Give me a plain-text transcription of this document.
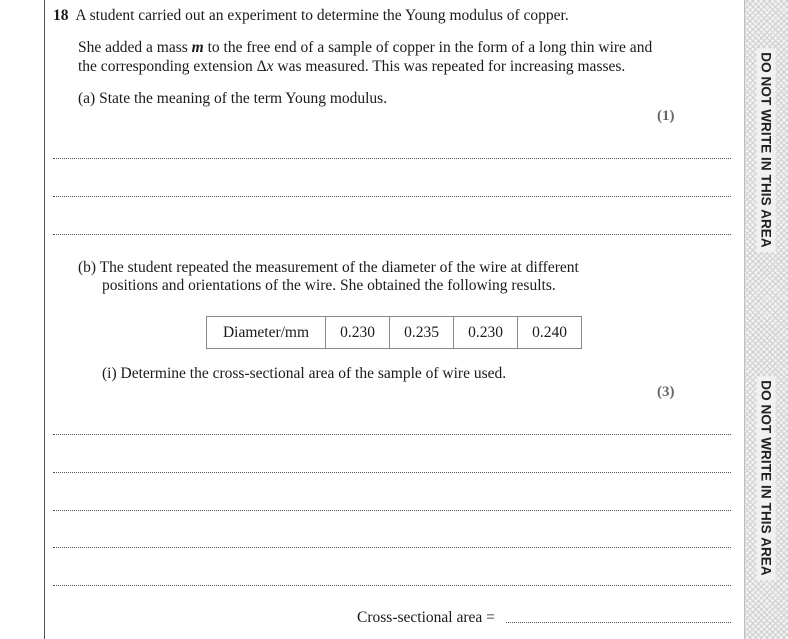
18 A student carried out an experiment to determine the Young modulus of copper.
She added a mass m to the free end of a sample of copper in the form of a long thin wire and
the corresponding extension Δx was measured. This was repeated for increasing masses.
(a) State the meaning of the term Young modulus.
(1)
(b) The student repeated the measurement of the diameter of the wire at different
positions and orientations of the wire. She obtained the following results.
Diameter/mm	0.230	0.235	0.230	0.240
(i) Determine the cross-sectional area of the sample of wire used.
(3)
Cross-sectional area =
DO NOT WRITE IN THIS AREA
DO NOT WRITE IN THIS AREA
